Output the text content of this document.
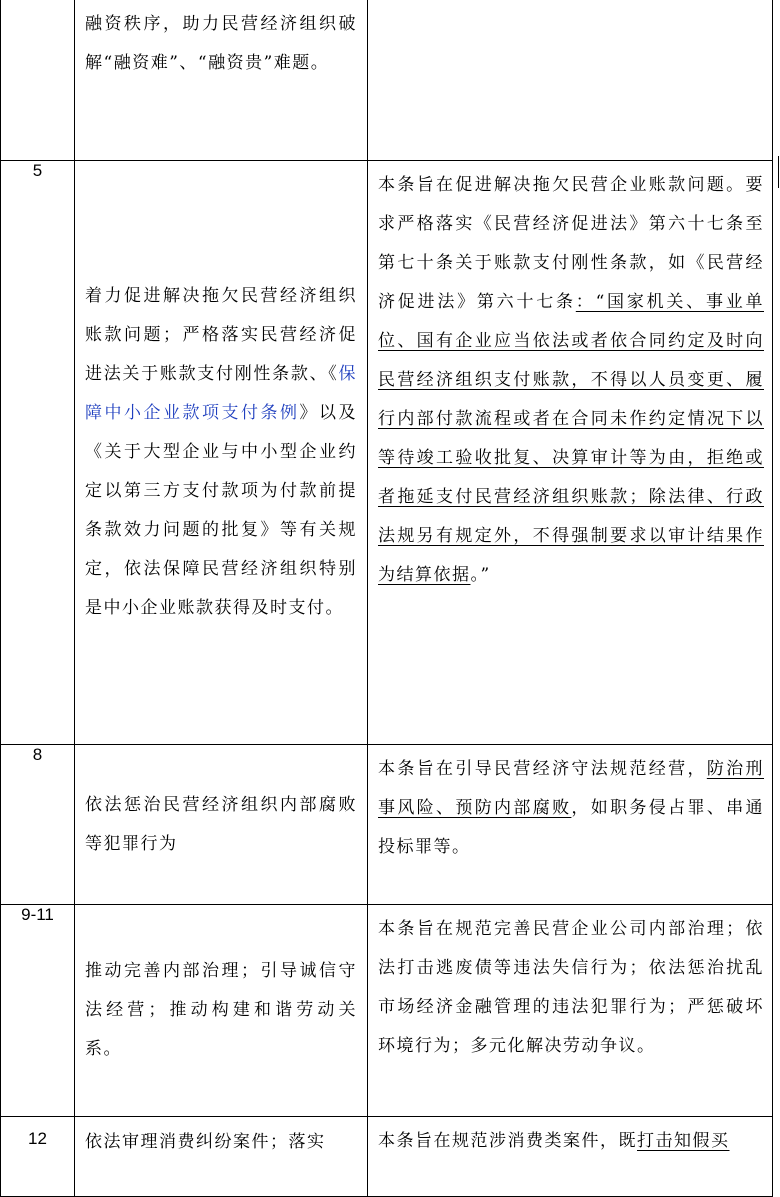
	融资秩序，助力民营经济组织破解“融资难”、“融资贵”难题。	

5	着力促进解决拖欠民营经济组织账款问题；严格落实民营经济促进法关于账款支付刚性条款、《保障中小企业款项支付条例》以及《关于大型企业与中小型企业约定以第三方支付款项为付款前提条款效力问题的批复》等有关规定，依法保障民营经济组织特别是中小企业账款获得及时支付。	本条旨在促进解决拖欠民营企业账款问题。要求严格落实《民营经济促进法》第六十七条至第七十条关于账款支付刚性条款，如《民营经济促进法》第六十七条：“国家机关、事业单位、国有企业应当依法或者依合同约定及时向民营经济组织支付账款，不得以人员变更、履行内部付款流程或者在合同未作约定情况下以等待竣工验收批复、决算审计等为由，拒绝或者拖延支付民营经济组织账款；除法律、行政法规另有规定外，不得强制要求以审计结果作为结算依据。”

8	依法惩治民营经济组织内部腐败等犯罪行为	本条旨在引导民营经济守法规范经营，防治刑事风险、预防内部腐败，如职务侵占罪、串通投标罪等。

9-11	推动完善内部治理；引导诚信守法经营；推动构建和谐劳动关系。	本条旨在规范完善民营企业公司内部治理；依法打击逃废债等违法失信行为；依法惩治扰乱市场经济金融管理的违法犯罪行为；严惩破坏环境行为；多元化解决劳动争议。

12	依法审理消费纠纷案件；落实	本条旨在规范涉消费类案件，既打击知假买
